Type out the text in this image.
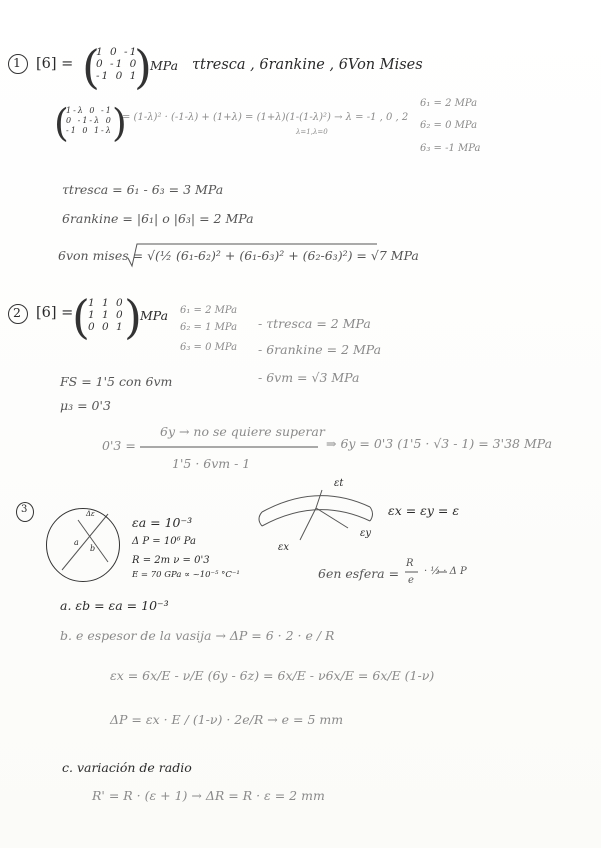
1 [6] = (
1 0 -1
0 -1 0
-1 0 1
)
MPa τtresca , 6rankine , 6Von Mises
(
1-λ 0 -1
0 -1-λ 0
-1 0 1-λ )
= (1-λ)² · (-1-λ) + (1+λ) = (1+λ)(1-(1-λ)²) → λ = -1 , 0 , 2
λ=1,λ=0
6₁ = 2 MPa
6₂ = 0 MPa
6₃ = -1 MPa
τtresca = 6₁ - 6₃ = 3 MPa
6rankine = |6₁| o |6₃| = 2 MPa
6von mises = √(½ (6₁-6₂)² + (6₁-6₃)² + (6₂-6₃)²) = √7 MPa
2 [6] =
(
1 1 0
1 1 0
0 0 1 )
MPa 6₁ = 2 MPa
6₂ = 1 MPa
6₃ = 0 MPa
- τtresca = 2 MPa
- 6rankine = 2 MPa
- 6vm = √3 MPa
FS = 1'5 con 6vm
μ₃ = 0'3
0'3 =
6y → no se quiere superar
1'5 · 6vm - 1
⇒ 6y = 0'3 (1'5 · √3 - 1) = 3'38 MPa
3	Δε
a
b
εa = 10⁻³
Δ P = 10⁶ Pa
R = 2m ν = 0'3
E = 70 GPa ∝ ~10⁻⁵ °C⁻¹
εt
εx
εy
εx = εy = ε
6en esfera =
R
e
· ½ · Δ P
a. εb = εa = 10⁻³
b. e espesor de la vasija → ΔP = 6 · 2 · e / R
εx = 6x/E - ν/E (6y - 6z) = 6x/E - ν6x/E = 6x/E (1-ν)
ΔP = εx · E / (1-ν) · 2e/R → e = 5 mm
c. variación de radio
R' = R · (ε + 1) → ΔR = R · ε = 2 mm
